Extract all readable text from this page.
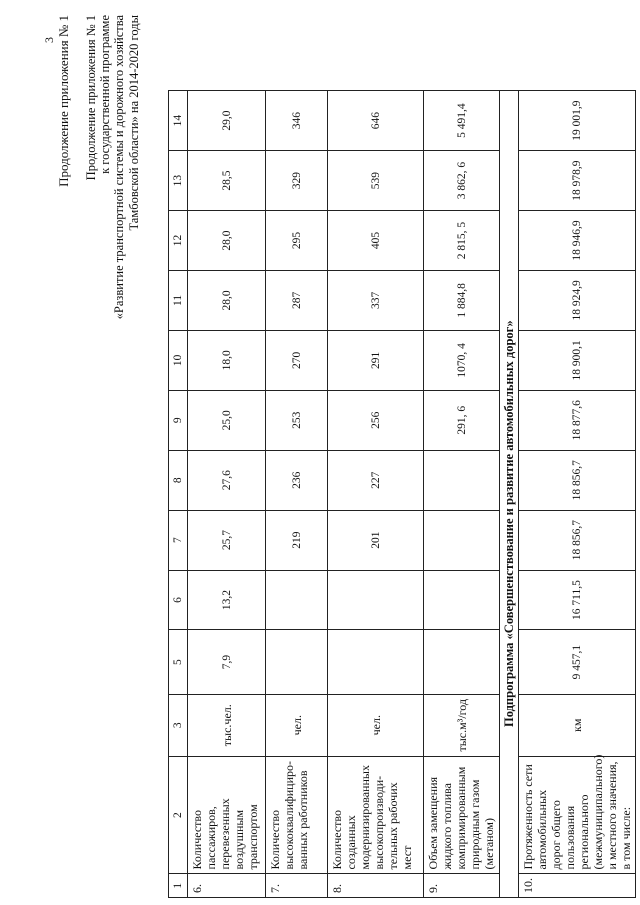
3 Продолжение приложения № 1 Продолжение приложения № 1 к государственной программе «Развитие транспортной системы и дорожного хозяйства Тамбовской области» на 2014-2020 годы
1	2	3	5	6	7	8	9	10	11	12	13	14
6.	Количество пассажиров, перевезенных воздушным транспортом	тыс.чел.	7,9	13,2	25,7	27,6	25,0	18,0	28,0	28,0	28,5	29,0
7.	Количество высококвалифициро-ванных работников	чел.			219	236	253	270	287	295	329	346
8.	Количество созданных модернизированных высокопроизводи-тельных рабочих мест	чел.			201	227	256	291	337	405	539	646
9.	Объем замещения жидкого топлива компримированным природным газом (метаном)	тыс.м³/год					291, 6	1070, 4	1 884,8	2 815, 5	3 862, 6	5 491,4
Подпрограмма «Совершенствование и развитие автомобильных дорог»												
10.	Протяженность сети автомобильных дорог общего пользования регионального (межмуниципального) и местного значения, в том числе:	км	9 457,1	16 711,5	18 856,7	18 856,7	18 877,6	18 900,1	18 924,9	18 946,9	18 978,9	19 001,9
